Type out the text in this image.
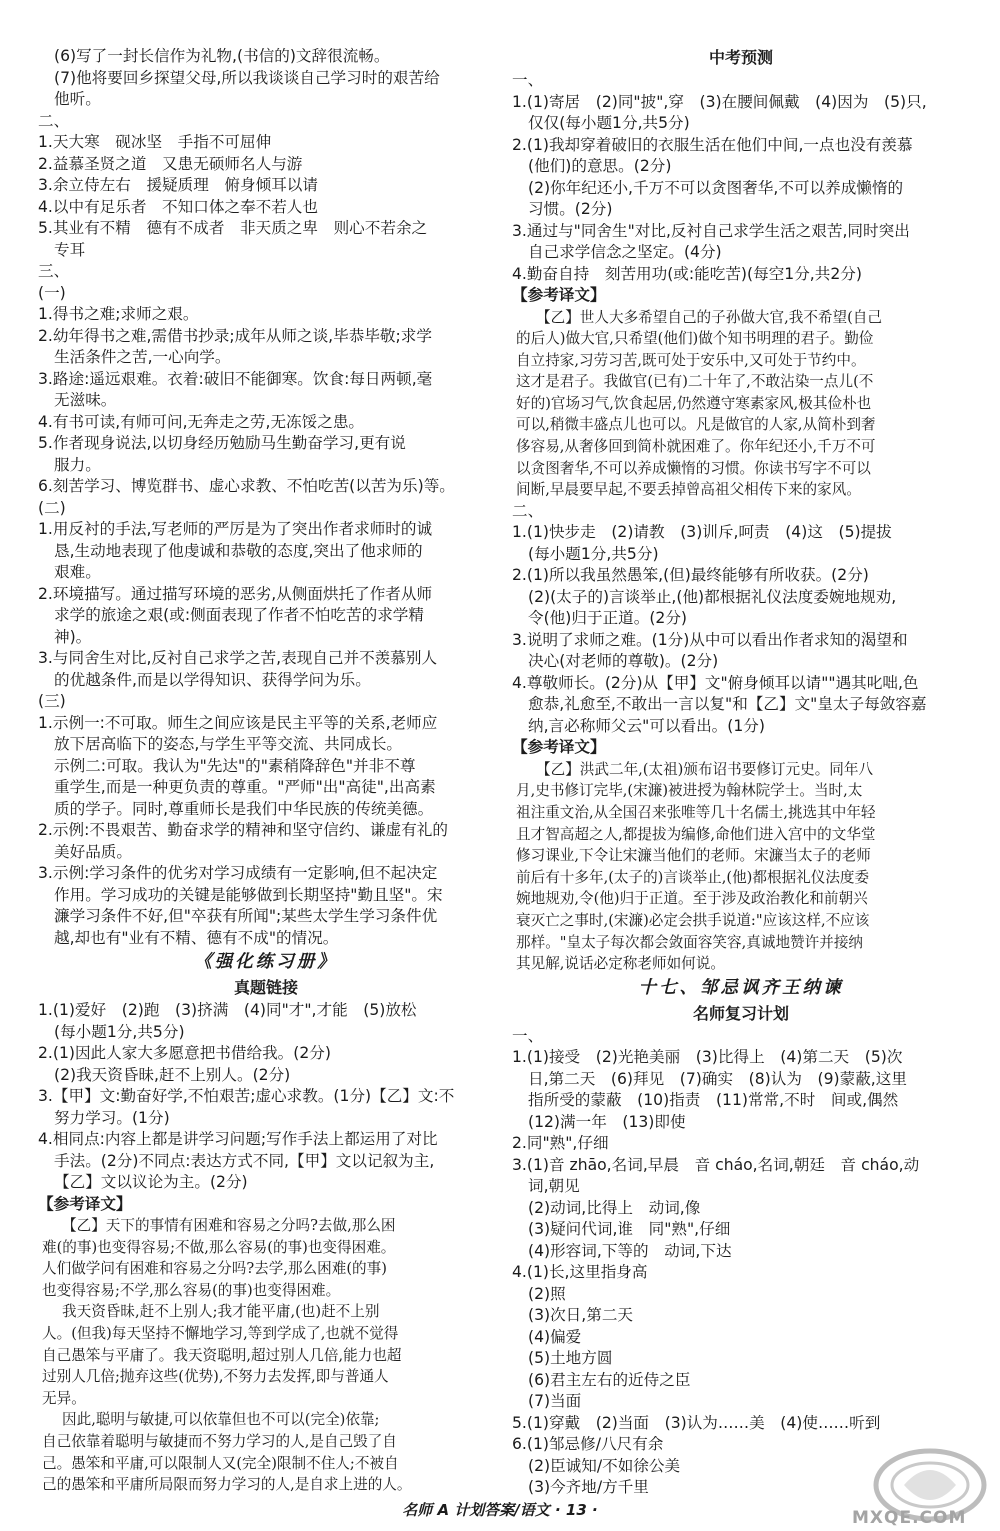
(6)写了一封长信作为礼物,(书信的)文辞很流畅。
(7)他将要回乡探望父母,所以我谈谈自己学习时的艰苦给
他听。
二、
1.天大寒　砚冰坚　手指不可屈伸
2.益慕圣贤之道　又患无硕师名人与游
3.余立侍左右　援疑质理　俯身倾耳以请
4.以中有足乐者　不知口体之奉不若人也
5.其业有不精　德有不成者　非天质之卑　则心不若余之
专耳
三、
(一)
1.得书之难;求师之艰。
2.幼年得书之难,需借书抄录;成年从师之谈,毕恭毕敬;求学
生活条件之苦,一心向学。
3.路途:遥远艰难。衣着:破旧不能御寒。饮食:每日两顿,毫
无滋味。
4.有书可读,有师可问,无奔走之劳,无冻馁之患。
5.作者现身说法,以切身经历勉励马生勤奋学习,更有说
服力。
6.刻苦学习、博览群书、虚心求教、不怕吃苦(以苦为乐)等。
(二)
1.用反衬的手法,写老师的严厉是为了突出作者求师时的诚
恳,生动地表现了他虔诚和恭敬的态度,突出了他求师的
艰难。
2.环境描写。通过描写环境的恶劣,从侧面烘托了作者从师
求学的旅途之艰(或:侧面表现了作者不怕吃苦的求学精
神)。
3.与同舍生对比,反衬自己求学之苦,表现自己并不羡慕别人
的优越条件,而是以学得知识、获得学问为乐。
(三)
1.示例一:不可取。师生之间应该是民主平等的关系,老师应
放下居高临下的姿态,与学生平等交流、共同成长。
示例二:可取。我认为"先达"的"素稍降辞色"并非不尊
重学生,而是一种更负责的尊重。"严师"出"高徒",出高素
质的学子。同时,尊重师长是我们中华民族的传统美德。
2.示例:不畏艰苦、勤奋求学的精神和坚守信约、谦虚有礼的
美好品质。
3.示例:学习条件的优劣对学习成绩有一定影响,但不起决定
作用。学习成功的关键是能够做到长期坚持"勤且坚"。宋
濂学习条件不好,但"卒获有所闻";某些太学生学习条件优
越,却也有"业有不精、德有不成"的情况。
《强化练习册》
真题链接
1.(1)爱好　(2)跑　(3)挤满　(4)同"才",才能　(5)放松
(每小题1分,共5分)
2.(1)因此人家大多愿意把书借给我。(2分)
(2)我天资昏昧,赶不上别人。(2分)
3.【甲】文:勤奋好学,不怕艰苦;虚心求教。(1分)【乙】文:不
努力学习。(1分)
4.相同点:内容上都是讲学习问题;写作手法上都运用了对比
手法。(2分)不同点:表达方式不同,【甲】文以记叙为主,
【乙】文以议论为主。(2分)
【参考译文】
【乙】天下的事情有困难和容易之分吗?去做,那么困
难(的事)也变得容易;不做,那么容易(的事)也变得困难。
人们做学问有困难和容易之分吗?去学,那么困难(的事)
也变得容易;不学,那么容易(的事)也变得困难。
我天资昏昧,赶不上别人;我才能平庸,(也)赶不上别
人。(但我)每天坚持不懈地学习,等到学成了,也就不觉得
自己愚笨与平庸了。我天资聪明,超过别人几倍,能力也超
过别人几倍;抛弃这些(优势),不努力去发挥,即与普通人
无异。
因此,聪明与敏捷,可以依靠但也不可以(完全)依靠;
自己依靠着聪明与敏捷而不努力学习的人,是自己毁了自
己。愚笨和平庸,可以限制人又(完全)限制不住人;不被自
己的愚笨和平庸所局限而努力学习的人,是自求上进的人。
中考预测
一、
1.(1)寄居　(2)同"披",穿　(3)在腰间佩戴　(4)因为　(5)只,
仅仅(每小题1分,共5分)
2.(1)我却穿着破旧的衣服生活在他们中间,一点也没有羡慕
(他们)的意思。(2分)
(2)你年纪还小,千万不可以贪图奢华,不可以养成懒惰的
习惯。(2分)
3.通过与"同舍生"对比,反衬自己求学生活之艰苦,同时突出
自己求学信念之坚定。(4分)
4.勤奋自持　刻苦用功(或:能吃苦)(每空1分,共2分)
【参考译文】
【乙】世人大多希望自己的子孙做大官,我不希望(自己
的后人)做大官,只希望(他们)做个知书明理的君子。勤俭
自立持家,习劳习苦,既可处于安乐中,又可处于节约中。
这才是君子。我做官(已有)二十年了,不敢沾染一点儿(不
好的)官场习气,饮食起居,仍然遵守寒素家风,极其俭朴也
可以,稍微丰盛点儿也可以。凡是做官的人家,从简朴到奢
侈容易,从奢侈回到简朴就困难了。你年纪还小,千万不可
以贪图奢华,不可以养成懒惰的习惯。你读书写字不可以
间断,早晨要早起,不要丢掉曾高祖父相传下来的家风。
二、
1.(1)快步走　(2)请教　(3)训斥,呵责　(4)这　(5)提拔
(每小题1分,共5分)
2.(1)所以我虽然愚笨,(但)最终能够有所收获。(2分)
(2)(太子的)言谈举止,(他)都根据礼仪法度委婉地规劝,
令(他)归于正道。(2分)
3.说明了求师之难。(1分)从中可以看出作者求知的渴望和
决心(对老师的尊敬)。(2分)
4.尊敬师长。(2分)从【甲】文"俯身倾耳以请""遇其叱咄,色
愈恭,礼愈至,不敢出一言以复"和【乙】文"皇太子每敛容嘉
纳,言必称师父云"可以看出。(1分)
【参考译文】
【乙】洪武二年,(太祖)颁布诏书要修订元史。同年八
月,史书修订完毕,(宋濂)被进授为翰林院学士。当时,太
祖注重文治,从全国召来张唯等几十名儒士,挑选其中年轻
且才智高超之人,都提拔为编修,命他们进入宫中的文华堂
修习课业,下令让宋濂当他们的老师。宋濂当太子的老师
前后有十多年,(太子的)言谈举止,(他)都根据礼仪法度委
婉地规劝,令(他)归于正道。至于涉及政治教化和前朝兴
衰灭亡之事时,(宋濂)必定会拱手说道:"应该这样,不应该
那样。"皇太子每次都会敛面容笑容,真诚地赞许并接纳
其见解,说话必定称老师如何说。
十七、邹忌讽齐王纳谏
名师复习计划
一、
1.(1)接受　(2)光艳美丽　(3)比得上　(4)第二天　(5)次
日,第二天　(6)拜见　(7)确实　(8)认为　(9)蒙蔽,这里
指所受的蒙蔽　(10)指责　(11)常常,不时　间或,偶然
(12)满一年　(13)即使
2.同"熟",仔细
3.(1)音 zhāo,名词,早晨　音 cháo,名词,朝廷　音 cháo,动
词,朝见
(2)动词,比得上　动词,像
(3)疑问代词,谁　同"熟",仔细
(4)形容词,下等的　动词,下达
4.(1)长,这里指身高
(2)照
(3)次日,第二天
(4)偏爱
(5)土地方圆
(6)君主左右的近侍之臣
(7)当面
5.(1)穿戴　(2)当面　(3)认为……美　(4)使……听到
6.(1)邹忌修/八尺有余
(2)臣诚知/不如徐公美
(3)今齐地/方千里
名师 A 计划答案/语文 · 13 ·	MXQE.COM
